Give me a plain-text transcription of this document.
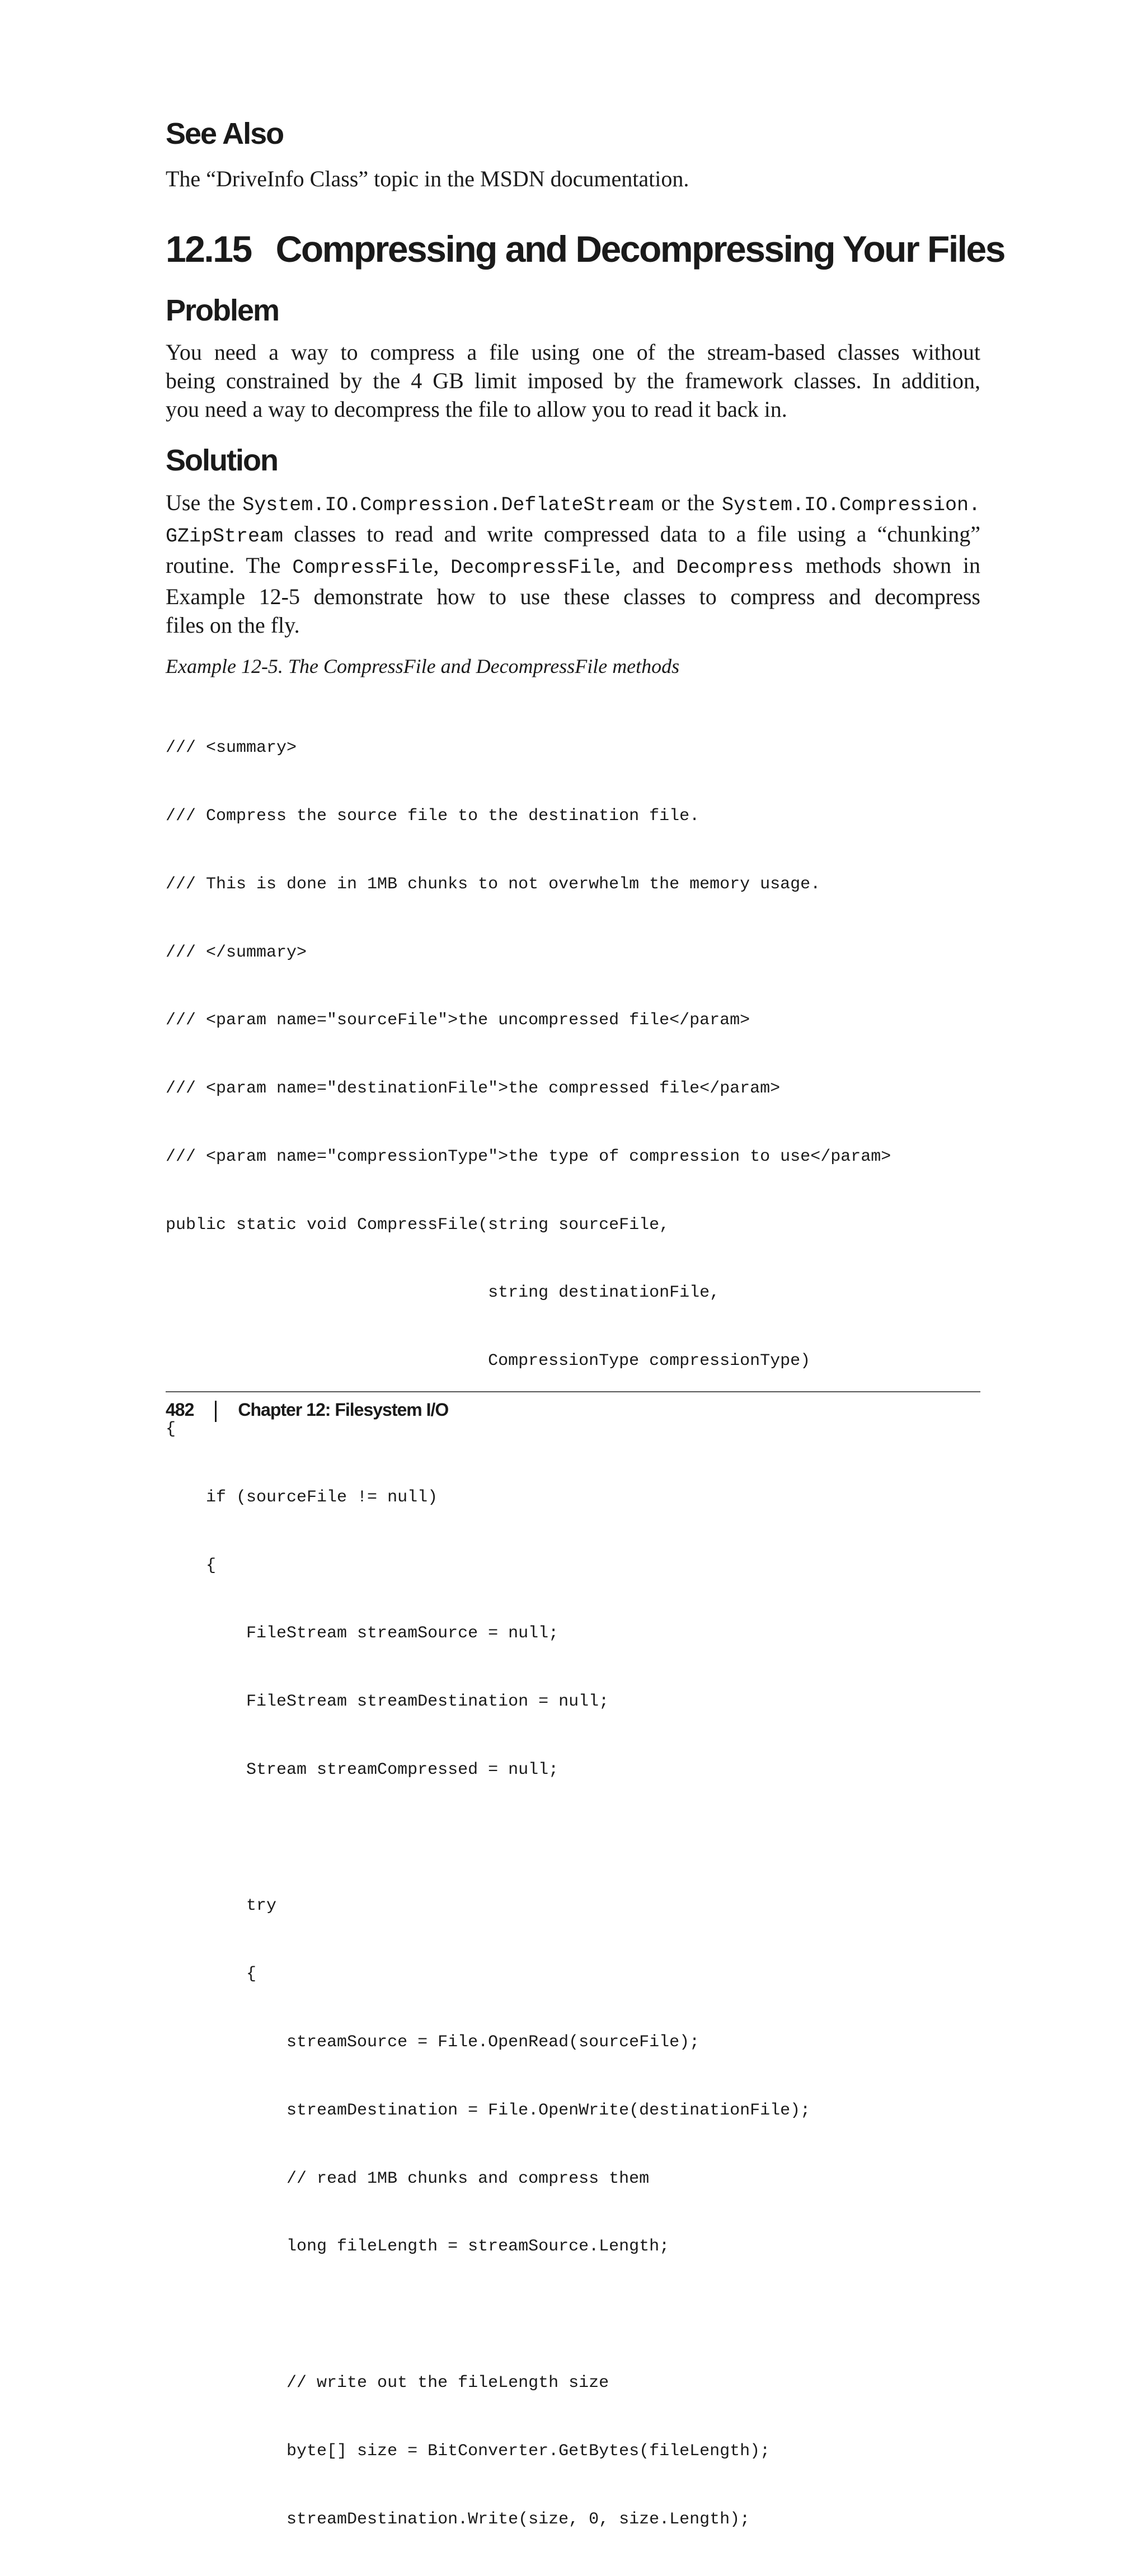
See Also

The “DriveInfo Class” topic in the MSDN documentation.

12.15 Compressing and Decompressing Your Files
Problem
You need a way to compress a file using one of the stream-based classes without
being constrained by the 4 GB limit imposed by the framework classes. In addition,
you need a way to decompress the file to allow you to read it back in.
Solution
Use the System.IO.Compression.DeflateStream or the System.IO.Compression.
GZipStream classes to read and write compressed data to a file using a “chunking”
routine. The CompressFile, DecompressFile, and Decompress methods shown in
Example 12-5 demonstrate how to use these classes to compress and decompress
files on the fly.

Example 12-5. The CompressFile and DecompressFile methods

/// <summary>

/// Compress the source file to the destination file.

/// This is done in 1MB chunks to not overwhelm the memory usage.

/// </summary>

/// <param name="sourceFile">the uncompressed file</param>

/// <param name="destinationFile">the compressed file</param>

/// <param name="compressionType">the type of compression to use</param>

public static void CompressFile(string sourceFile,

string destinationFile,

CompressionType compressionType)

{

if (sourceFile != null)

{

FileStream streamSource = null;

FileStream streamDestination = null;

Stream streamCompressed = null;

try

{

streamSource = File.OpenRead(sourceFile);

streamDestination = File.OpenWrite(destinationFile);

// read 1MB chunks and compress them

long fileLength = streamSource.Length;

// write out the fileLength size

byte[] size = BitConverter.GetBytes(fileLength);

streamDestination.Write(size, 0, size.Length);

482 Chapter 12: Filesystem I/O
